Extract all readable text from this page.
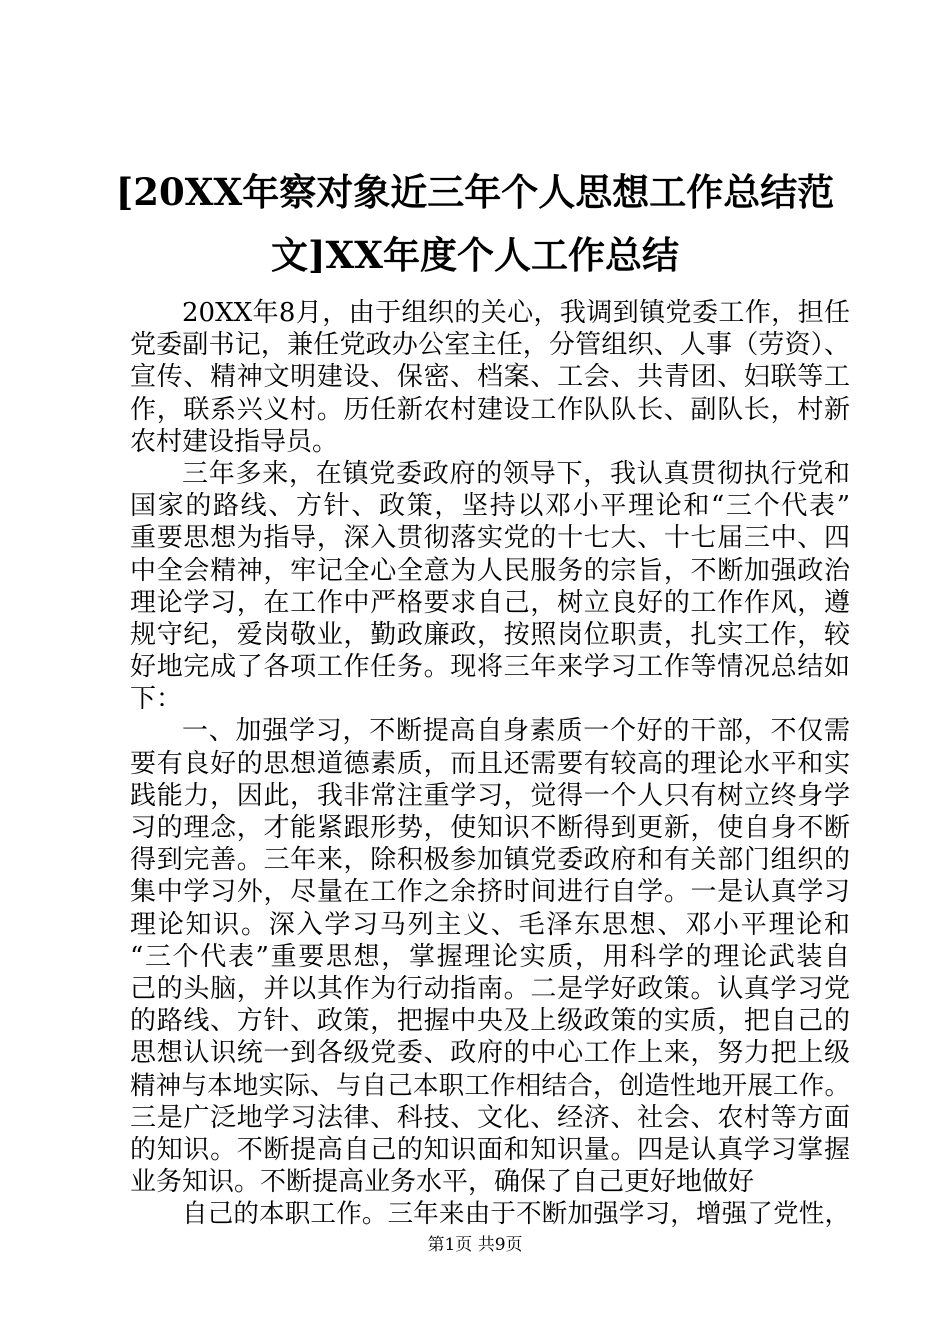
[20XX年察对象近三年个人思想工作总结范
文]XX年度个人工作总结
20XX年8月，由于组织的关心，我调到镇党委工作，担任
党委副书记，兼任党政办公室主任，分管组织、人事（劳资）、
宣传、精神文明建设、保密、档案、工会、共青团、妇联等工
作，联系兴义村。历任新农村建设工作队队长、副队长，村新
农村建设指导员。
三年多来，在镇党委政府的领导下，我认真贯彻执行党和
国家的路线、方针、政策，坚持以邓小平理论和“三个代表”
重要思想为指导，深入贯彻落实党的十七大、十七届三中、四
中全会精神，牢记全心全意为人民服务的宗旨，不断加强政治
理论学习，在工作中严格要求自己，树立良好的工作作风，遵
规守纪，爱岗敬业，勤政廉政，按照岗位职责，扎实工作，较
好地完成了各项工作任务。现将三年来学习工作等情况总结如
下：
一、加强学习，不断提高自身素质一个好的干部，不仅需
要有良好的思想道德素质，而且还需要有较高的理论水平和实
践能力，因此，我非常注重学习，觉得一个人只有树立终身学
习的理念，才能紧跟形势，使知识不断得到更新，使自身不断
得到完善。三年来，除积极参加镇党委政府和有关部门组织的
集中学习外，尽量在工作之余挤时间进行自学。一是认真学习
理论知识。深入学习马列主义、毛泽东思想、邓小平理论和
“三个代表”重要思想，掌握理论实质，用科学的理论武装自
己的头脑，并以其作为行动指南。二是学好政策。认真学习党
的路线、方针、政策，把握中央及上级政策的实质，把自己的
思想认识统一到各级党委、政府的中心工作上来，努力把上级
精神与本地实际、与自己本职工作相结合，创造性地开展工作。
三是广泛地学习法律、科技、文化、经济、社会、农村等方面
的知识。不断提高自己的知识面和知识量。四是认真学习掌握
业务知识。不断提高业务水平，确保了自己更好地做好
自己的本职工作。三年来由于不断加强学习，增强了党性，
第1页 共9页
